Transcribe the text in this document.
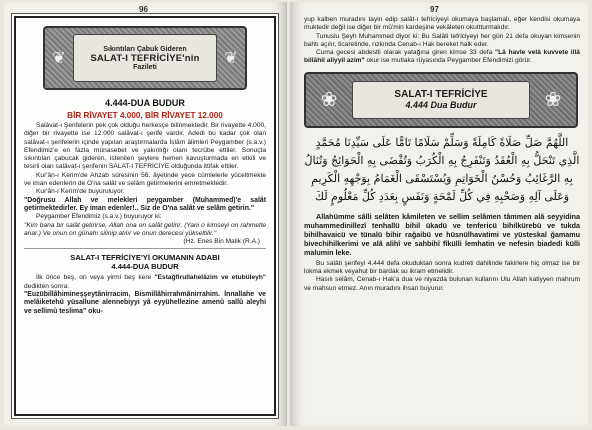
96
❦
Sıkıntıları Çabuk Gideren
SALAT-I TEFRİCİYE'nin
Fazileti	❦
4.444-DUA BUDUR
BİR RİVAYET 4.000, BİR RİVAYET 12.000

Salâvat-ı Şerifelerin pek çok olduğu herkesçe bilinmektedir. Bir rivayette 4.000, diğer bir rivayette ise 12.000 salâvat-ı şerife vardır. Adedi bu kadar çok olan salâvat-ı şerifelerin içinde yapılan araştırmalarda İslâm âlimleri Peygamber (s.a.v.) Efendimiz'e en fazla münasebet ve yakınlığı olanı tecrübe ettiler. Sonuçta sıkıntıları çabucak gideren, istenilen şeylere hemen kavuşturmada en etkili ve tesirli olan salâvat-ı şerifenin SALAT-I TEFRİCİYE olduğunda ittifak ettiler.

Kur'ân-ı Kerim'de Ahzab sûresinin 56. âyetinde yece cümlelerle yüceltmekte ve iman edenlerin de O'na salât ve selâm getirmelerini emretmektedir.

Kur'ân-ı Kerim'de buyuruluyor:

"Doğrusu Allah ve melekleri peygamber (Muhammed)'e salât getirmektedirler. Ey iman edenler!.. Siz de O'na salât ve selâm getirin."

Peygamber Efendimiz (s.a.v.) buyuruyor ki:

"Kim bana bir salât getirirse, Allah ona on salât getirir. (Yani o kimseyi on rahmetle anar.) Ve onun on günahı silinip atılır ve onun derecesi yükseltilir."

(Hz. Enes Bin Malik (R.A.)

SALAT-I TEFRİCİYE'Yİ OKUMANIN ADABI
4.444-DUA BUDUR

İlk önce beş, on veya yirmi beş kere "Estağfirullahelâzim ve etubüleyh" dedikten sonra:

"Euzübillâhimineşşeytânirracim, Bismillâhirrahmânirrahim. İnnallahe ve melâiketehû yüsallune alennebiyyi yâ eyyühellezine amenû sallû aleyhi ve sellimû teslima" oku-

97

yup kalben muradını tayin edip salât-ı tefriciyeyi okumaya başlamalı, eğer kendisi okumaya muktedir değil ise diğer bir mü'min kardeşine vekâleten okuttturmalıdır.

Tunuslu Şeyh Muhammed diyor ki: Bu Salâti tefriciyeyi her gün 21 defa okuyan kimsenin bahtı açılır, ticaretinde, rızkında Cenab-ı Hak bereket halk eder.

Cuma gecesi abdestli olarak yatağına giren kimse 33 defa "Lâ havle velâ kuvvete illâ billâhil aliyyil azim" okur ise mutlaka rüyasında Peygamber Efendimizi görür.

❀	SALAT-I TEFRİCİYE
4.444 Dua Budur	❀
اللَّهُمَّ صَلِّ صَلَاةً كَامِلَةً وَسَلِّمْ سَلَامًا تَامًّا عَلَى سَيِّدِنَا مُحَمَّدٍ الَّذِي تَنْحَلُّ بِهِ الْعُقَدُ وَتَنْفَرِجُ بِهِ الْكُرَبُ وَتُقْضَى بِهِ الْحَوَائِجُ وَتُنَالُ بِهِ الرَّغَائِبُ وَحُسْنُ الْخَوَاتِمِ وَيُسْتَسْقَى الْغَمَامُ بِوَجْهِهِ الْكَرِيمِ وَعَلَى آلِهِ وَصَحْبِهِ فِي كُلِّ لَمْحَةٍ وَنَفَسٍ بِعَدَدِ كُلِّ مَعْلُومٍ لَكَ

Allahümme sâlli selâten kâmileten ve sellim selâmen tâmmen alâ seyyidina muhammedinillezî tenhallü bihil ükadü ve tenfericü bihilkürebü ve tukda bihilhavaicü ve tünalü bihir rağaibü ve hüsnülhavatimi ve yüsteskal ğamamu bivechihilkerimi ve alâ alihî ve sahbihî fîkülli lemhatin ve nefesin biadedi külli malumin leke.

Bu salâti şerifeyi 4.444 defa okuduktan sonra kudreti dahilinde fakirlere hiç olmaz ise bir lokma ekmek veyahut bir bardak su ikram etmelidir.

Hasılı selâm, Cenab-ı Hak'a dua ve niyazda bulunan kullarını Ulu Allah katiyyen mahrum ve mahsun etmez. Anın muradını ihsan buyurur.
